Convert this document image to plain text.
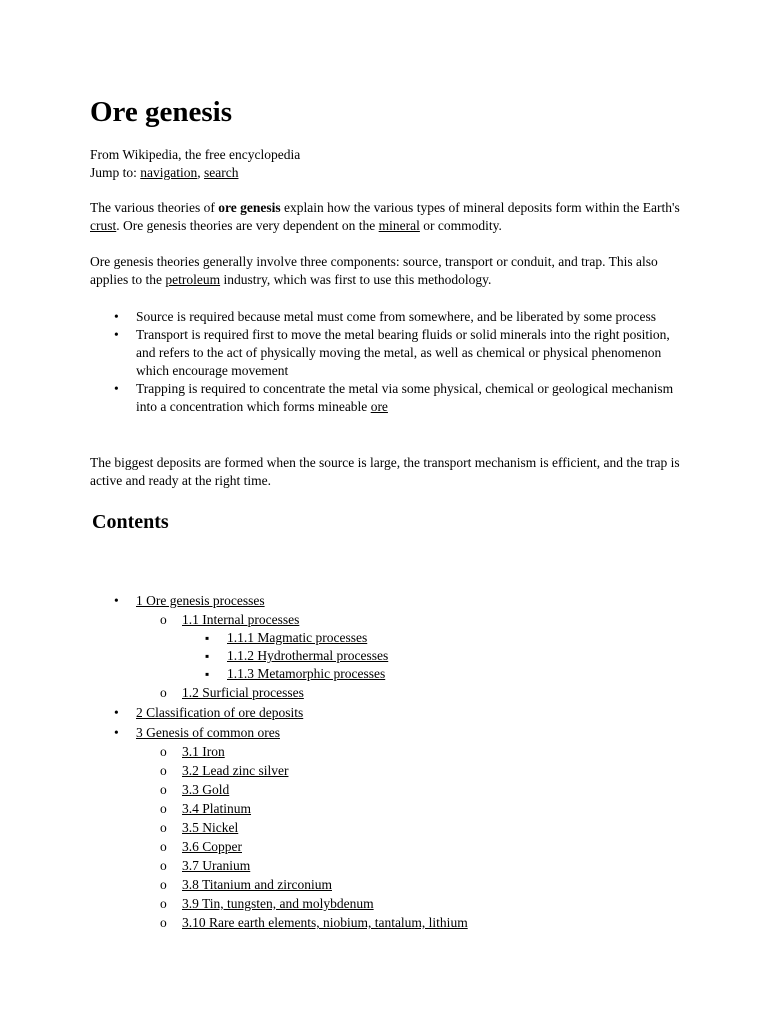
Ore genesis
From Wikipedia, the free encyclopedia
Jump to: navigation, search

The various theories of ore genesis explain how the various types of mineral deposits form within the Earth's crust. Ore genesis theories are very dependent on the mineral or commodity.

Ore genesis theories generally involve three components: source, transport or conduit, and trap. This also applies to the petroleum industry, which was first to use this methodology.

• Source is required because metal must come from somewhere, and be liberated by some process
• Transport is required first to move the metal bearing fluids or solid minerals into the right position, and refers to the act of physically moving the metal, as well as chemical or physical phenomenon which encourage movement
• Trapping is required to concentrate the metal via some physical, chemical or geological mechanism into a concentration which forms mineable ore

The biggest deposits are formed when the source is large, the transport mechanism is efficient, and the trap is active and ready at the right time.

Contents
• 1 Ore genesis processes
o 1.1 Internal processes
▪ 1.1.1 Magmatic processes
▪ 1.1.2 Hydrothermal processes
▪ 1.1.3 Metamorphic processes
o 1.2 Surficial processes
• 2 Classification of ore deposits
• 3 Genesis of common ores
o 3.1 Iron
o 3.2 Lead zinc silver
o 3.3 Gold
o 3.4 Platinum
o 3.5 Nickel
o 3.6 Copper
o 3.7 Uranium
o 3.8 Titanium and zirconium
o 3.9 Tin, tungsten, and molybdenum
o 3.10 Rare earth elements, niobium, tantalum, lithium
